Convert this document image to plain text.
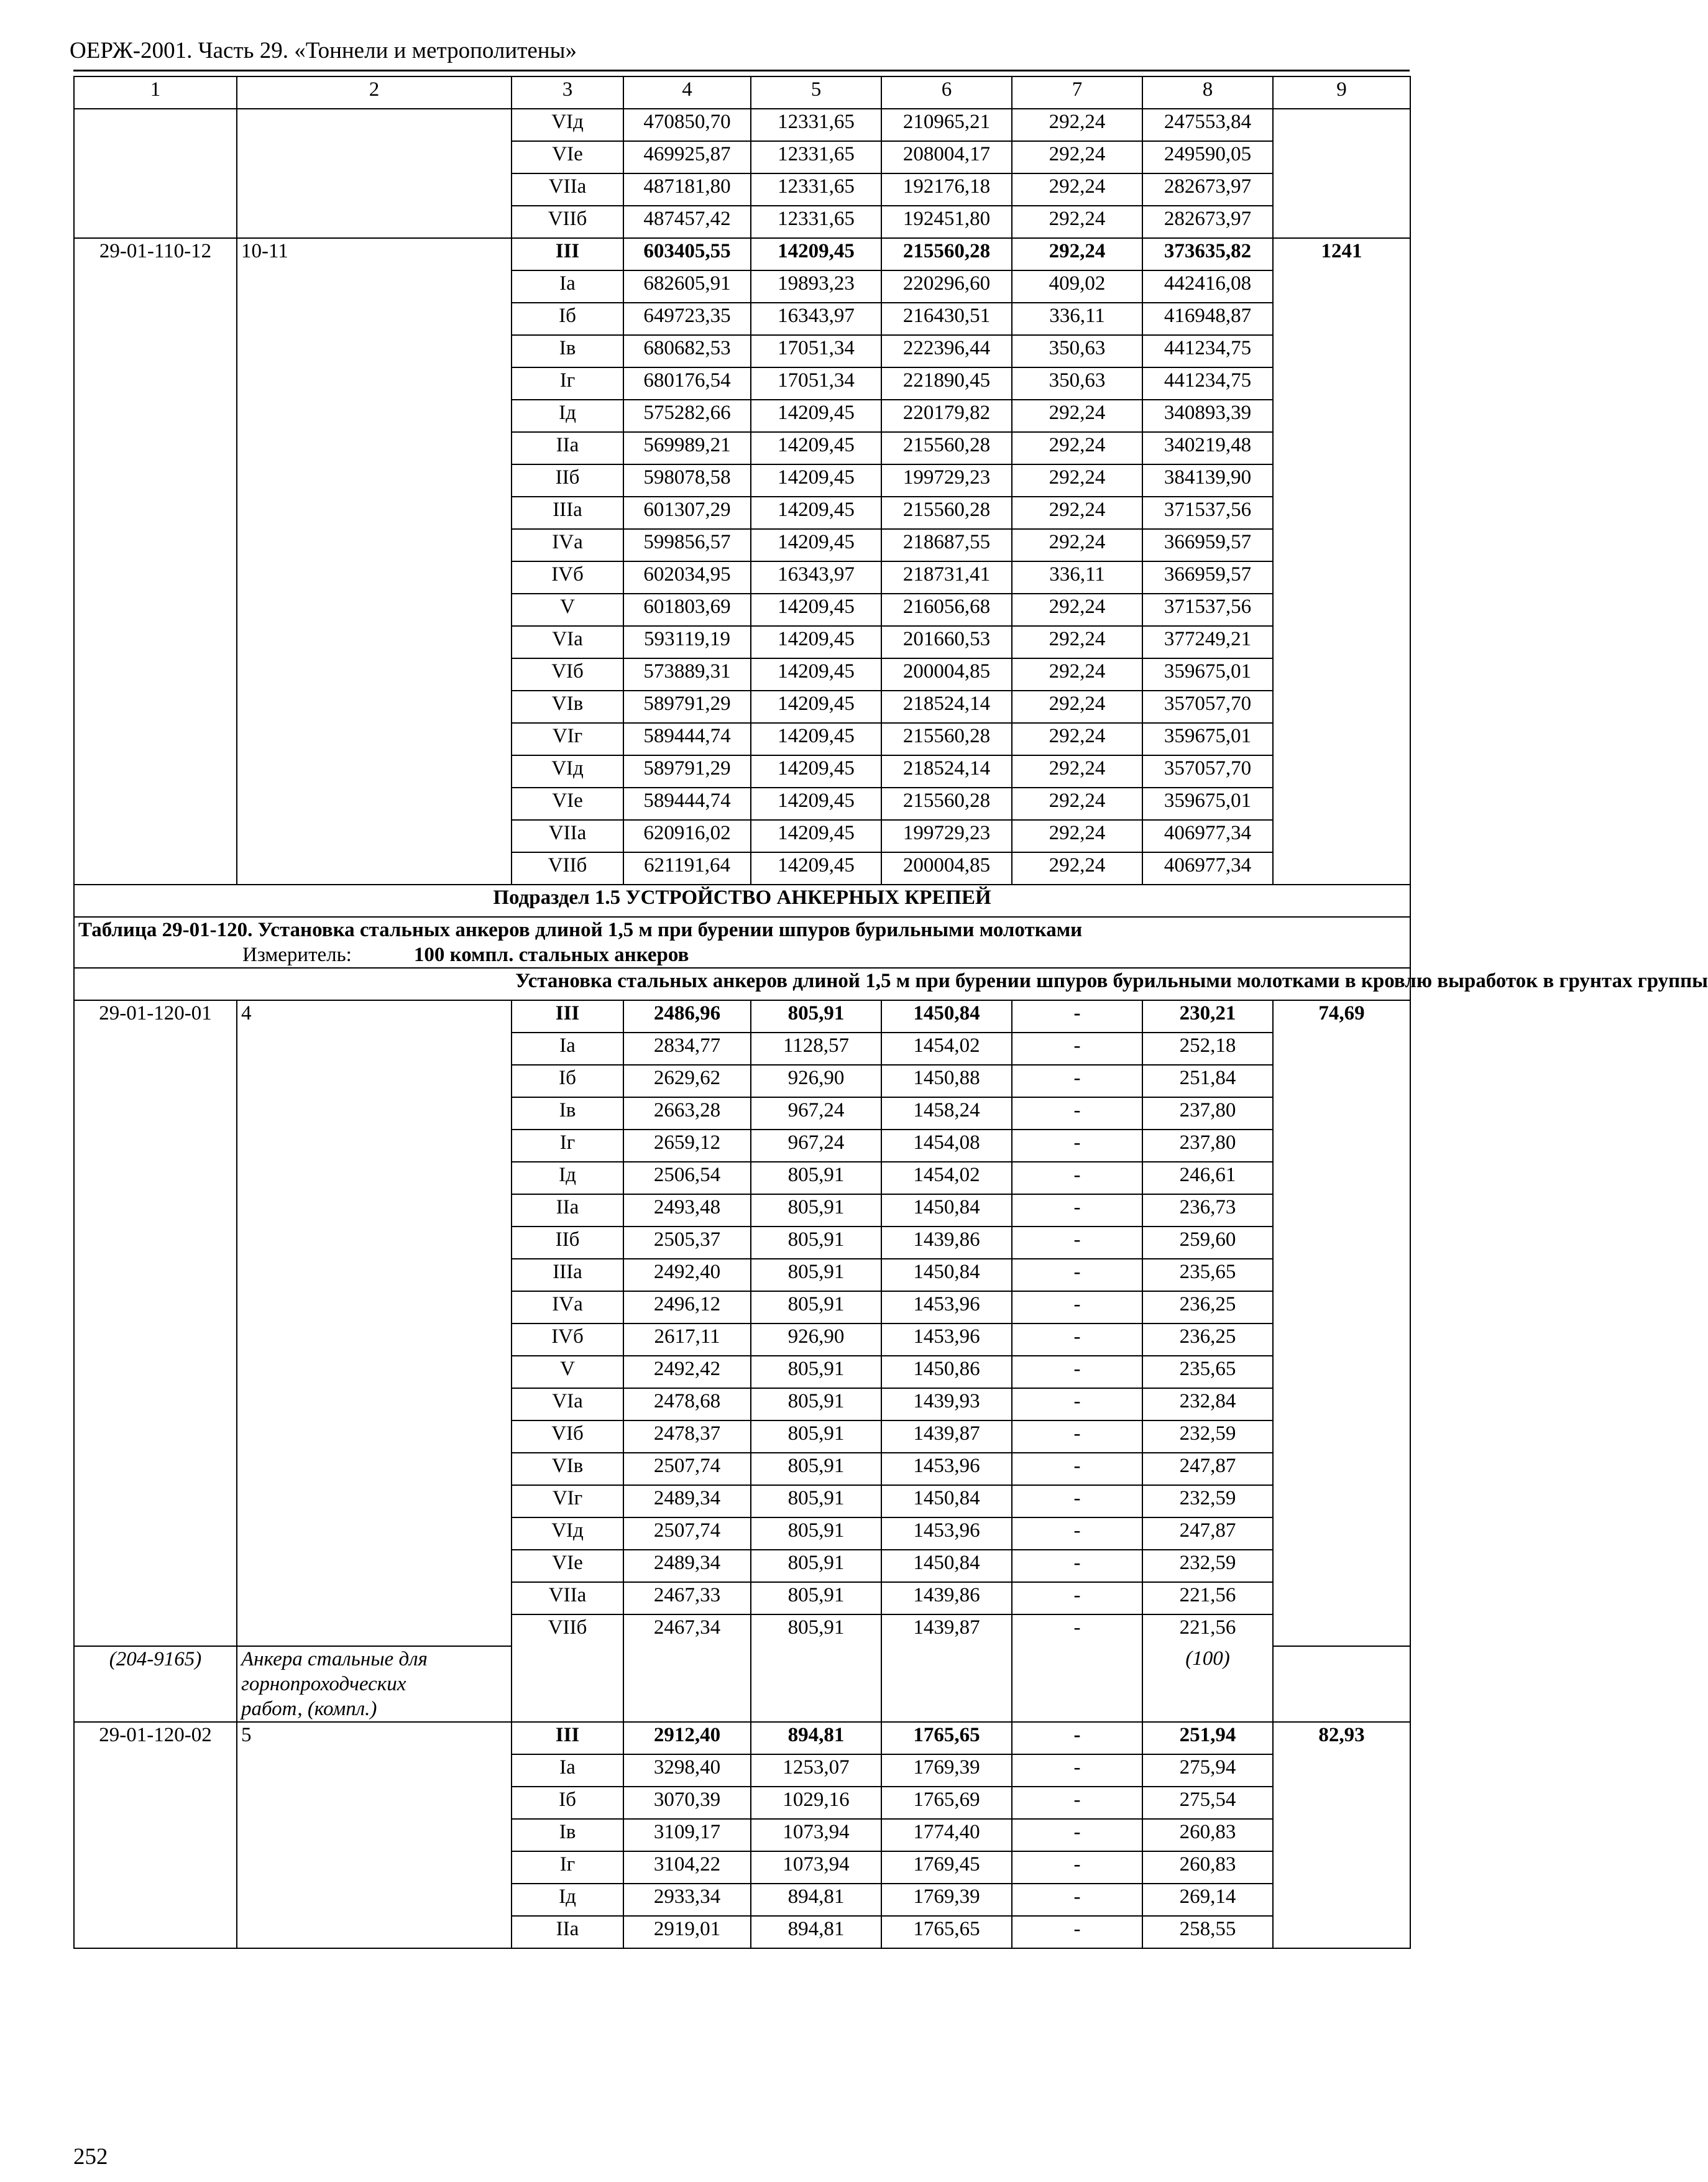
ОЕРЖ-2001. Часть 29. «Тоннели и метрополитены»
1	2	3	4	5	6	7	8	9
		VIд	470850,70	12331,65	210965,21	292,24	247553,84	
		VIе	469925,87	12331,65	208004,17	292,24	249590,05	
		VIIа	487181,80	12331,65	192176,18	292,24	282673,97	
		VIIб	487457,42	12331,65	192451,80	292,24	282673,97	
29-01-110-12	10-11	III	603405,55	14209,45	215560,28	292,24	373635,82	1241
		Iа	682605,91	19893,23	220296,60	409,02	442416,08	
		Iб	649723,35	16343,97	216430,51	336,11	416948,87	
		Iв	680682,53	17051,34	222396,44	350,63	441234,75	
		Iг	680176,54	17051,34	221890,45	350,63	441234,75	
		Iд	575282,66	14209,45	220179,82	292,24	340893,39	
		IIа	569989,21	14209,45	215560,28	292,24	340219,48	
		IIб	598078,58	14209,45	199729,23	292,24	384139,90	
		IIIа	601307,29	14209,45	215560,28	292,24	371537,56	
		IVа	599856,57	14209,45	218687,55	292,24	366959,57	
		IVб	602034,95	16343,97	218731,41	336,11	366959,57	
		V	601803,69	14209,45	216056,68	292,24	371537,56	
		VIа	593119,19	14209,45	201660,53	292,24	377249,21	
		VIб	573889,31	14209,45	200004,85	292,24	359675,01	
		VIв	589791,29	14209,45	218524,14	292,24	357057,70	
		VIг	589444,74	14209,45	215560,28	292,24	359675,01	
		VIд	589791,29	14209,45	218524,14	292,24	357057,70	
		VIе	589444,74	14209,45	215560,28	292,24	359675,01	
		VIIа	620916,02	14209,45	199729,23	292,24	406977,34	
		VIIб	621191,64	14209,45	200004,85	292,24	406977,34	
Подраздел 1.5 УСТРОЙСТВО АНКЕРНЫХ КРЕПЕЙ								

Таблица 29-01-120. Установка стальных анкеров длиной 1,5 м при бурении шпуров бурильными молотками
Измеритель: 100 компл. стальных анкеров								

		Установка стальных анкеров длиной 1,5 м при бурении шпуров бурильными молотками в кровлю выработок в грунтах группы						
29-01-120-01	4	III	2486,96	805,91	1450,84	-	230,21	74,69
		Iа	2834,77	1128,57	1454,02	-	252,18	
		Iб	2629,62	926,90	1450,88	-	251,84	
		Iв	2663,28	967,24	1458,24	-	237,80	
		Iг	2659,12	967,24	1454,08	-	237,80	
		Iд	2506,54	805,91	1454,02	-	246,61	
		IIа	2493,48	805,91	1450,84	-	236,73	
		IIб	2505,37	805,91	1439,86	-	259,60	
		IIIа	2492,40	805,91	1450,84	-	235,65	
		IVа	2496,12	805,91	1453,96	-	236,25	
		IVб	2617,11	926,90	1453,96	-	236,25	
		V	2492,42	805,91	1450,86	-	235,65	
		VIа	2478,68	805,91	1439,93	-	232,84	
		VIб	2478,37	805,91	1439,87	-	232,59	
		VIв	2507,74	805,91	1453,96	-	247,87	
		VIг	2489,34	805,91	1450,84	-	232,59	
		VIд	2507,74	805,91	1453,96	-	247,87	
		VIе	2489,34	805,91	1450,84	-	232,59	
		VIIа	2467,33	805,91	1439,86	-	221,56	
		VIIб	2467,34	805,91	1439,87	-	221,56	
(204-9165)	Анкера стальные для горнопроходческих работ, (компл.)						(100)	
29-01-120-02	5	III	2912,40	894,81	1765,65	-	251,94	82,93
		Iа	3298,40	1253,07	1769,39	-	275,94	
		Iб	3070,39	1029,16	1765,69	-	275,54	
		Iв	3109,17	1073,94	1774,40	-	260,83	
		Iг	3104,22	1073,94	1769,45	-	260,83	
		Iд	2933,34	894,81	1769,39	-	269,14	
		IIа	2919,01	894,81	1765,65	-	258,55	
252
